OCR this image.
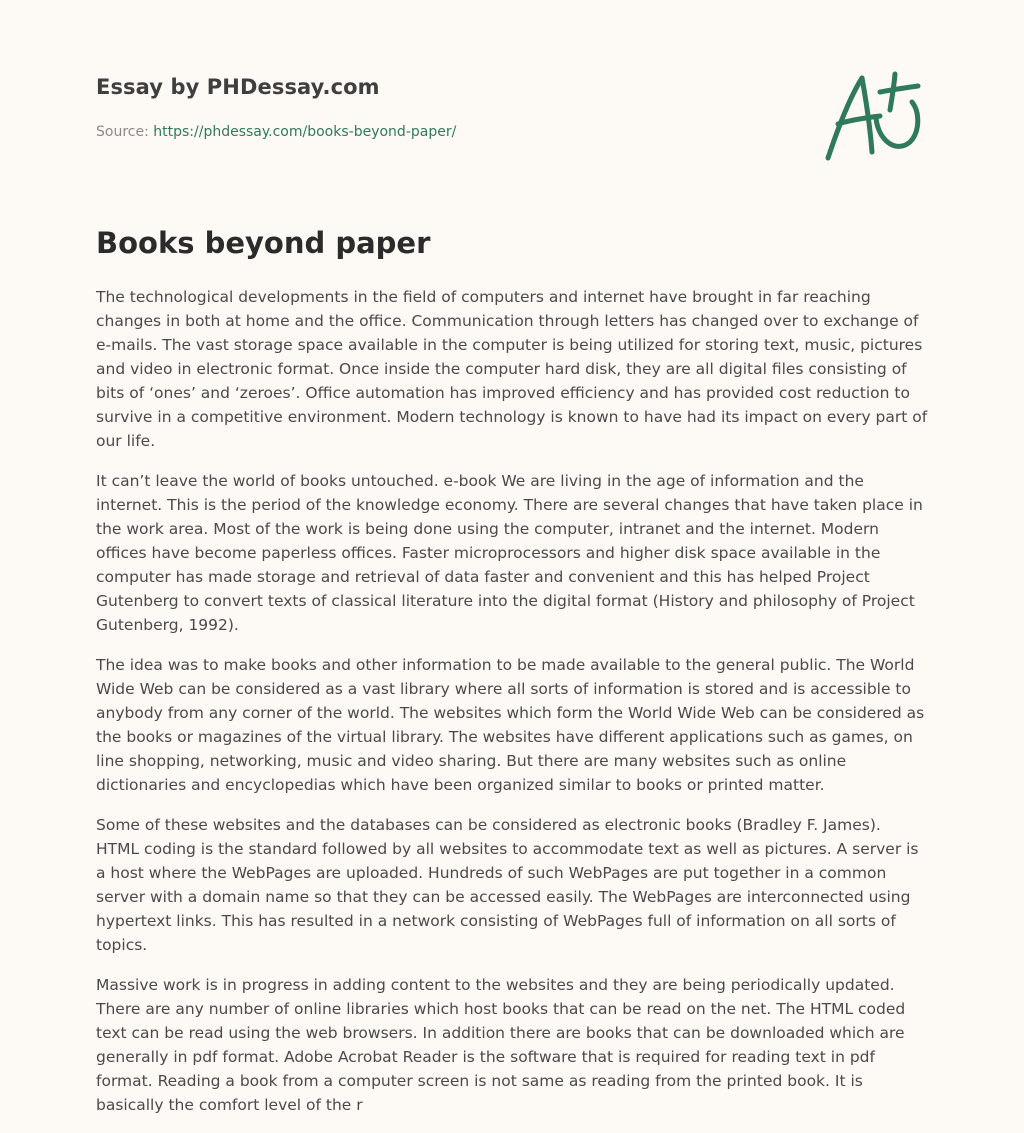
Essay by PHDessay.com
Source: https://phdessay.com/books-beyond-paper/
Books beyond paper

The technological developments in the field of computers and internet have brought in far reaching changes in both at home and the office. Communication through letters has changed over to exchange of e-mails. The vast storage space available in the computer is being utilized for storing text, music, pictures and video in electronic format. Once inside the computer hard disk, they are all digital files consisting of bits of ‘ones’ and ‘zeroes’. Office automation has improved efficiency and has provided cost reduction to survive in a competitive environment. Modern technology is known to have had its impact on every part of our life.

It can’t leave the world of books untouched. e-book We are living in the age of information and the internet. This is the period of the knowledge economy. There are several changes that have taken place in the work area. Most of the work is being done using the computer, intranet and the internet. Modern offices have become paperless offices. Faster microprocessors and higher disk space available in the computer has made storage and retrieval of data faster and convenient and this has helped Project Gutenberg to convert texts of classical literature into the digital format (History and philosophy of Project Gutenberg, 1992).

The idea was to make books and other information to be made available to the general public. The World Wide Web can be considered as a vast library where all sorts of information is stored and is accessible to anybody from any corner of the world. The websites which form the World Wide Web can be considered as the books or magazines of the virtual library. The websites have different applications such as games, on line shopping, networking, music and video sharing. But there are many websites such as online dictionaries and encyclopedias which have been organized similar to books or printed matter.

Some of these websites and the databases can be considered as electronic books (Bradley F. James). HTML coding is the standard followed by all websites to accommodate text as well as pictures. A server is a host where the WebPages are uploaded. Hundreds of such WebPages are put together in a common server with a domain name so that they can be accessed easily. The WebPages are interconnected using hypertext links. This has resulted in a network consisting of WebPages full of information on all sorts of topics.

Massive work is in progress in adding content to the websites and they are being periodically updated. There are any number of online libraries which host books that can be read on the net. The HTML coded text can be read using the web browsers. In addition there are books that can be downloaded which are generally in pdf format. Adobe Acrobat Reader is the software that is required for reading text in pdf format. Reading a book from a computer screen is not same as reading from the printed book. It is basically the comfort level of the r
